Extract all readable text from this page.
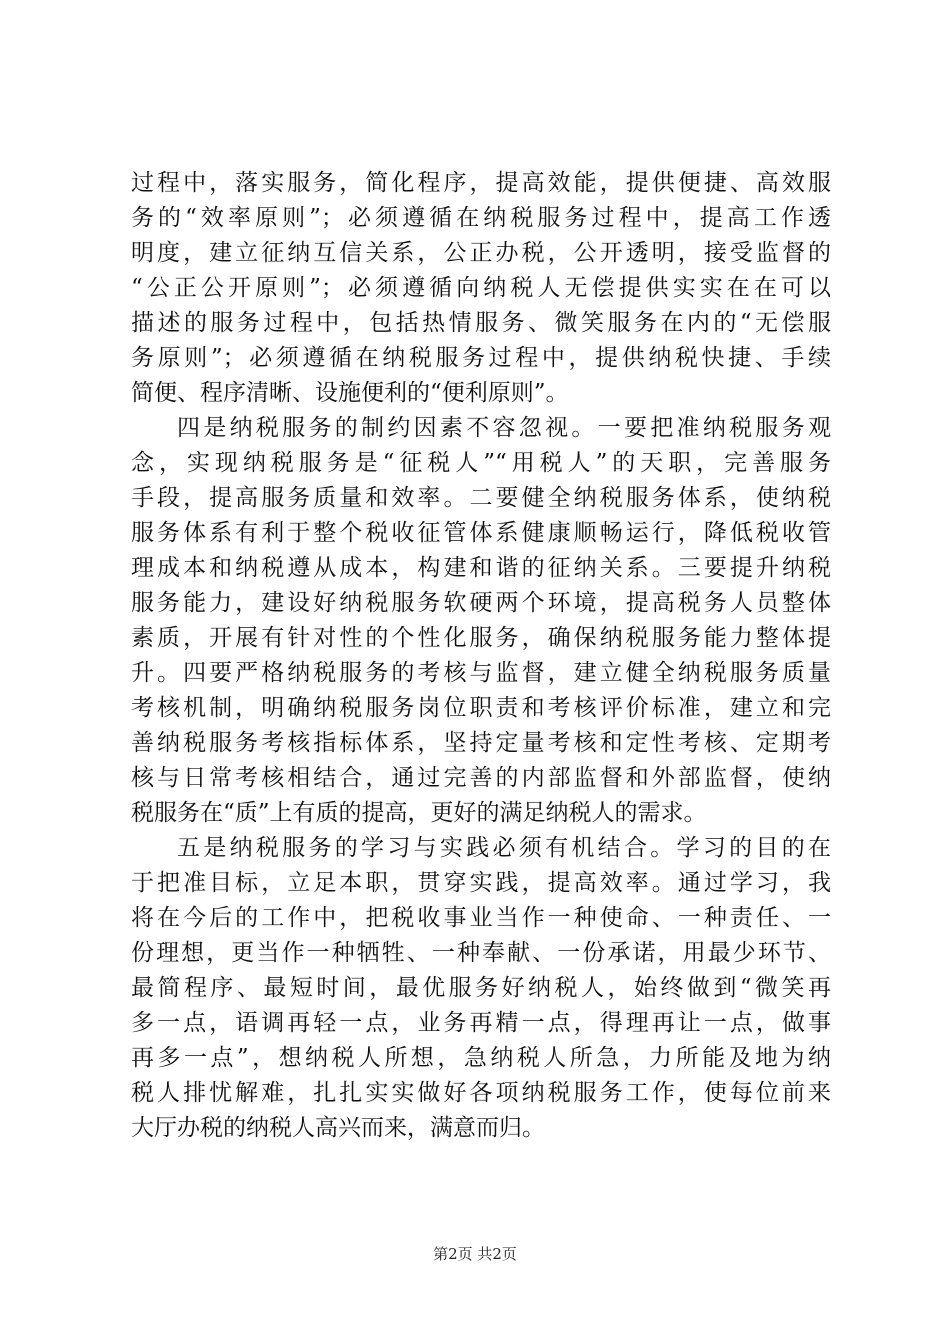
过程中，落实服务，简化程序，提高效能，提供便捷、高效服
务的“效率原则”；必须遵循在纳税服务过程中，提高工作透
明度，建立征纳互信关系，公正办税，公开透明，接受监督的
“公正公开原则”；必须遵循向纳税人无偿提供实实在在可以
描述的服务过程中，包括热情服务、微笑服务在内的“无偿服
务原则”；必须遵循在纳税服务过程中，提供纳税快捷、手续
简便、程序清晰、设施便利的“便利原则”。
四是纳税服务的制约因素不容忽视。一要把准纳税服务观
念，实现纳税服务是“征税人”“用税人”的天职，完善服务
手段，提高服务质量和效率。二要健全纳税服务体系，使纳税
服务体系有利于整个税收征管体系健康顺畅运行，降低税收管
理成本和纳税遵从成本，构建和谐的征纳关系。三要提升纳税
服务能力，建设好纳税服务软硬两个环境，提高税务人员整体
素质，开展有针对性的个性化服务，确保纳税服务能力整体提
升。四要严格纳税服务的考核与监督，建立健全纳税服务质量
考核机制，明确纳税服务岗位职责和考核评价标准，建立和完
善纳税服务考核指标体系，坚持定量考核和定性考核、定期考
核与日常考核相结合，通过完善的内部监督和外部监督，使纳
税服务在“质”上有质的提高，更好的满足纳税人的需求。
五是纳税服务的学习与实践必须有机结合。学习的目的在
于把准目标，立足本职，贯穿实践，提高效率。通过学习，我
将在今后的工作中，把税收事业当作一种使命、一种责任、一
份理想，更当作一种牺牲、一种奉献、一份承诺，用最少环节、
最简程序、最短时间，最优服务好纳税人，始终做到“微笑再
多一点，语调再轻一点，业务再精一点，得理再让一点，做事
再多一点”，想纳税人所想，急纳税人所急，力所能及地为纳
税人排忧解难，扎扎实实做好各项纳税服务工作，使每位前来
大厅办税的纳税人高兴而来，满意而归。
第2页 共2页
